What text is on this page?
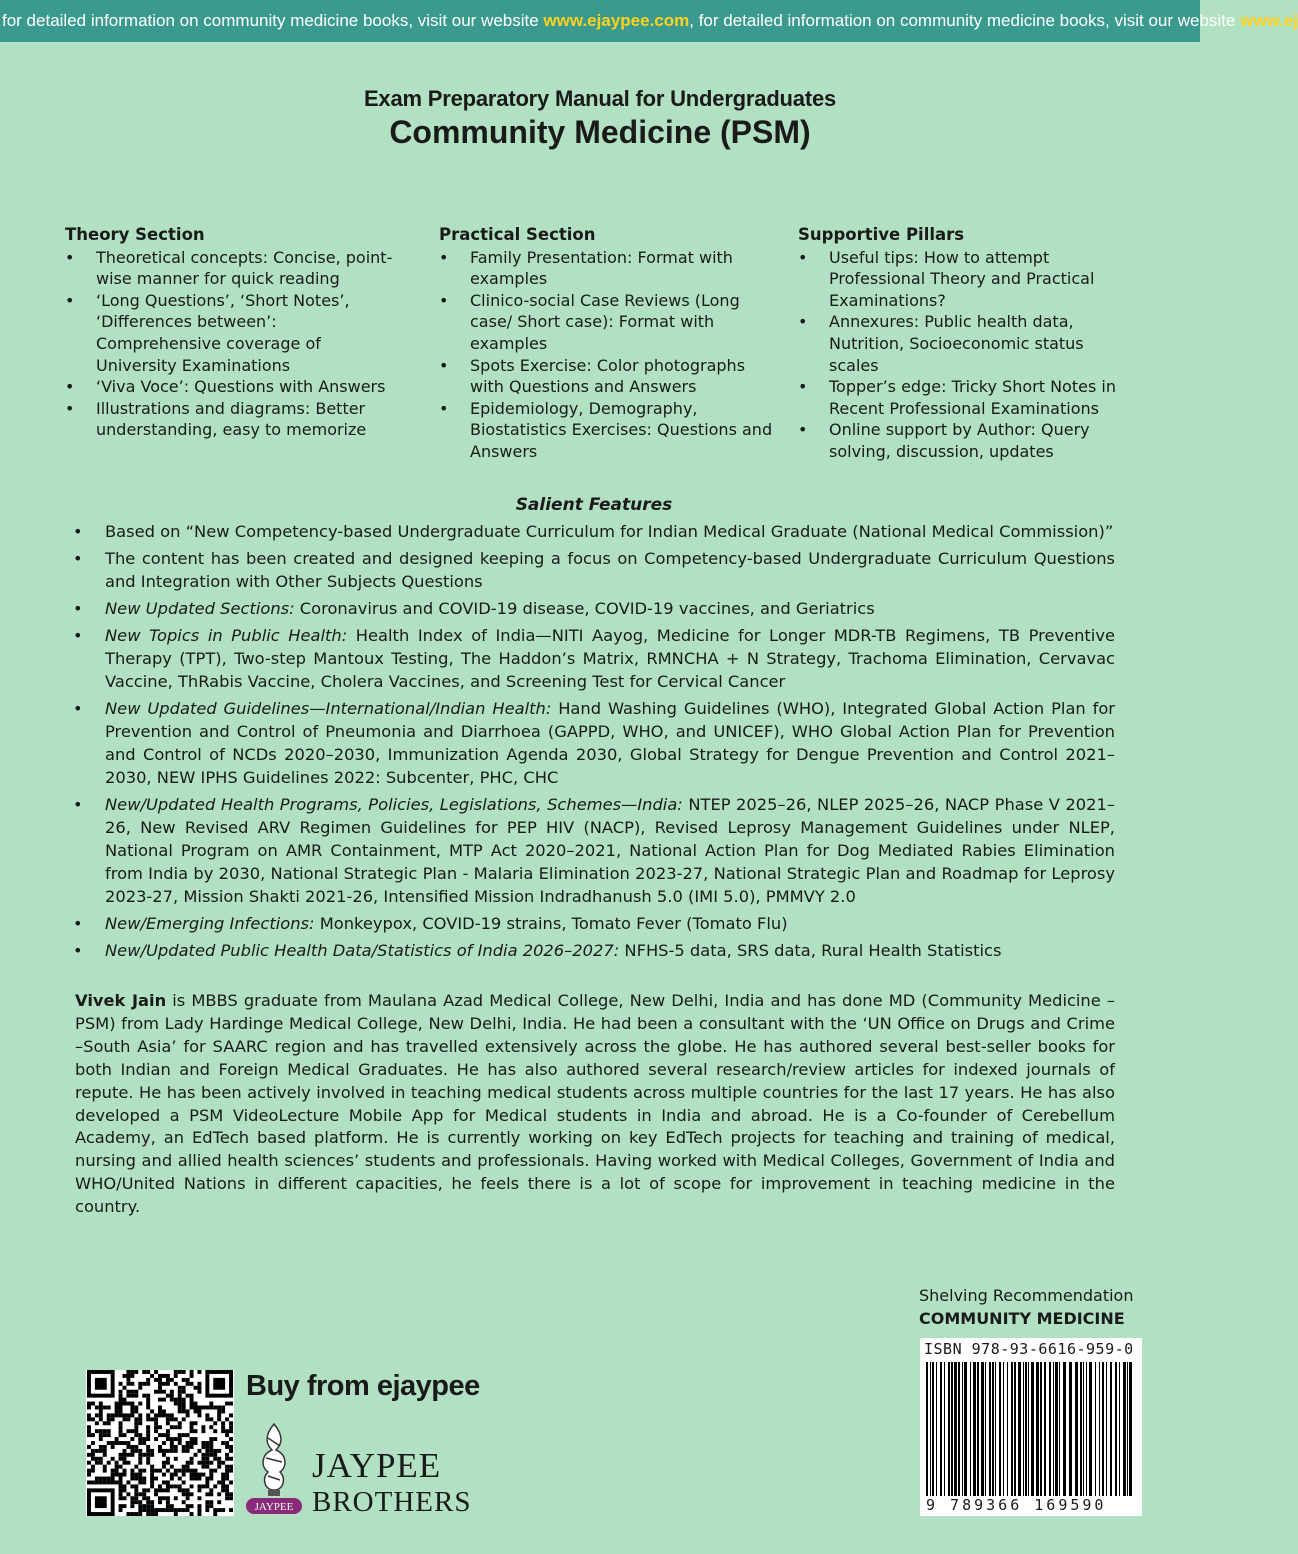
for detailed information on community medicine books, visit our website www.ejaypee.com, for detailed information on community medicine books, visit our website www.ej
Exam Preparatory Manual for Undergraduates
Community Medicine (PSM)
Theory Section
• Theoretical concepts: Concise, point-wise manner for quick reading
• ‘Long Questions’, ‘Short Notes’, ‘Differences between’: Comprehensive coverage of University Examinations
• ‘Viva Voce’: Questions with Answers
• Illustrations and diagrams: Better understanding, easy to memorize
Practical Section
• Family Presentation: Format with examples
• Clinico-social Case Reviews (Long case/ Short case): Format with examples
• Spots Exercise: Color photographs with Questions and Answers
• Epidemiology, Demography, Biostatistics Exercises: Questions and Answers
Supportive Pillars
• Useful tips: How to attempt Professional Theory and Practical Examinations?
• Annexures: Public health data, Nutrition, Socioeconomic status scales
• Topper’s edge: Tricky Short Notes in Recent Professional Examinations
• Online support by Author: Query solving, discussion, updates
Salient Features
• Based on “New Competency-based Undergraduate Curriculum for Indian Medical Graduate (National Medical Commission)”
• The content has been created and designed keeping a focus on Competency-based Undergraduate Curriculum Questions and Integration with Other Subjects Questions
• New Updated Sections: Coronavirus and COVID-19 disease, COVID-19 vaccines, and Geriatrics
• New Topics in Public Health: Health Index of India—NITI Aayog, Medicine for Longer MDR-TB Regimens, TB Preventive Therapy (TPT), Two-step Mantoux Testing, The Haddon’s Matrix, RMNCHA + N Strategy, Trachoma Elimination, Cervavac Vaccine, ThRabis Vaccine, Cholera Vaccines, and Screening Test for Cervical Cancer
• New Updated Guidelines—International/Indian Health: Hand Washing Guidelines (WHO), Integrated Global Action Plan for Prevention and Control of Pneumonia and Diarrhoea (GAPPD, WHO, and UNICEF), WHO Global Action Plan for Prevention and Control of NCDs 2020–2030, Immunization Agenda 2030, Global Strategy for Dengue Prevention and Control 2021–2030, NEW IPHS Guidelines 2022: Subcenter, PHC, CHC
• New/Updated Health Programs, Policies, Legislations, Schemes—India: NTEP 2025–26, NLEP 2025–26, NACP Phase V 2021–26, New Revised ARV Regimen Guidelines for PEP HIV (NACP), Revised Leprosy Management Guidelines under NLEP, National Program on AMR Containment, MTP Act 2020–2021, National Action Plan for Dog Mediated Rabies Elimination from India by 2030, National Strategic Plan - Malaria Elimination 2023-27, National Strategic Plan and Roadmap for Leprosy 2023-27, Mission Shakti 2021-26, Intensified Mission Indradhanush 5.0 (IMI 5.0), PMMVY 2.0
• New/Emerging Infections: Monkeypox, COVID-19 strains, Tomato Fever (Tomato Flu)
• New/Updated Public Health Data/Statistics of India 2026–2027: NFHS-5 data, SRS data, Rural Health Statistics
Vivek Jain is MBBS graduate from Maulana Azad Medical College, New Delhi, India and has done MD (Community Medicine – PSM) from Lady Hardinge Medical College, New Delhi, India. He had been a consultant with the ‘UN Office on Drugs and Crime –South Asia’ for SAARC region and has travelled extensively across the globe. He has authored several best-seller books for both Indian and Foreign Medical Graduates. He has also authored several research/review articles for indexed journals of repute. He has been actively involved in teaching medical students across multiple countries for the last 17 years. He has also developed a PSM VideoLecture Mobile App for Medical students in India and abroad. He is a Co-founder of Cerebellum Academy, an EdTech based platform. He is currently working on key EdTech projects for teaching and training of medical, nursing and allied health sciences’ students and professionals. Having worked with Medical Colleges, Government of India and WHO/United Nations in different capacities, he feels there is a lot of scope for improvement in teaching medicine in the country.
Shelving Recommendation
COMMUNITY MEDICINE
ISBN 978-93-6616-959-0
9 789366 169590
Buy from ejaypee
JAYPEE
JAYPEE
BROTHERS
